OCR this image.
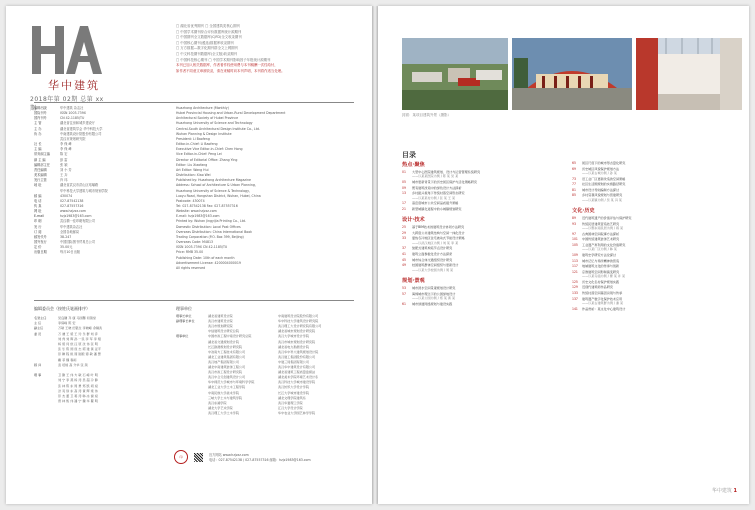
华中建筑
2018年第 02期 总第 xx期
□ 湖北省优秀期刊 □ 全国建筑类核心期刊
□ 中国学术期刊综合评价数据库统计源期刊
□ 中国期刊全文数据库(CJFD)全文收录期刊
□ 中国核心期刊(遴选)数据库收录期刊
□ 万方数据—数字化期刊群全文上网期刊
□ 中文科技期刊数据库(全文版)收录期刊
□ 中国科技核心期刊 □ 中国学术期刊影响因子年报统计源期刊
本刊已加入相关数据库，作者著作权使用费与本刊稿酬一次性给付，
如作者不同意文章被收录，请在来稿时向本刊声明，本刊将作适当处理。
编辑出版	华中建筑 杂志社
国际刊号	ISSN 1003-739X
国内刊号	CN 42-1185/TU
主 管	湖北省住房和城乡建设厅
主 办	湖北省建筑学会 华中科技大学
协 办	中南建筑设计院股份有限公司
武汉市规划研究院
社 长	李 保 峰
主 编	李 保 峰
常务副主编	陈 宏
副 主 编	彭 雷
编辑部主任	张 颖
责任编辑	刘 小 芳
美术编辑	王 卉
发行主管	肖 玮
地 址	湖北省武汉市洪山区珞喻路
华中科技大学建筑与城市规划学院
邮 编	430074
电 话	027-87542138
传 真	027-87557316
网 址	www.hzjzzz.com
E-mail	hzjz1983@163.com
印 刷	武汉精一佳印刷有限公司
发 行	华中建筑杂志社
订 阅	全国各地邮局
邮发代号	38-247
国外发行	中国国际图书贸易总公司
定 价	35.00元
出版日期	每月10日出版
Huazhong Architecture (Monthly)
Hubei Provincial Housing and Urban-Rural Development Department
Architectural Society of Hubei Province
Huazhong University of Science and Technology
Central-South Architectural Design Institute Co., Ltd.
Wuhan Planning & Design Institute
President: Li Baofeng
Editor-in-Chief: Li Baofeng
Executive Vice Editor-in-Chief: Chen Hong
Vice Editor-in-Chief: Peng Lei
Director of Editorial Office: Zhang Ying
Editor: Liu Xiaofang
Art Editor: Wang Hui
Distribution: Xiao Wei
Published by: Huazhong Architecture Magazine
Address: School of Architecture & Urban Planning,
Huazhong University of Science & Technology,
Luoyu Road, Hongshan District, Wuhan, Hubei, China
Postcode: 430074
Tel: 027-87542138 Fax: 027-87557316
Website: www.hzjzzz.com
E-mail: hzjz1983@163.com
Printed by: Wuhan Jingyijia Printing Co., Ltd.
Domestic Distribution: Local Post Offices
Overseas Distribution: China International Book
Trading Corporation (P.O. Box 399, Beijing)
Overseas Code: M4813
ISSN 1003-739X CN 42-1185/TU
Price: RMB 35.00
Publishing Date: 10th of each month
Advertisement License: 4200004000019
All rights reserved
编辑委员会（按姓氏笔画排序）
名誉主任	吴良镛 齐 康 马国馨 何镜堂
主 任	李保峰 陈 宏
副主任	万敏 王晓 田银生 李晓峰 余翰武
委 员	万 谦 王 毅 王 玲 乐 群 刘 奔
刘 剀 刘 晖 孙 一民 李 军 李 翔
杨 毅 何 依 汪 原 沈 伟 张 明
张 乐 陈 纲 庞 志 郭 建 黄 亚平
彭 翀 程 艳 谭 刚毅 谭 敏 潘 慧
戴 菲 魏 春雨
顾 问	袁 培煌 高 介华 张 颀
理 事	卫 勤 王 伟 方 敏 石 峰 叶 明
刘 宁 李 燕 杨 涛 吴 超 冷 静
张 林 陈 东 周 勇 郑 凯 胡 斌
洪 亮 徐 东 高 涛 黄 辉 梁 伟
彭 杰 董 卫 蒋 涛 韩 冰 谢 斌
曾 林 熊 伟 潘 宁 魏 华 瞿 明
理事单位
理事长单位	湖北省建筑设计院	中南建筑设计院股份有限公司
副理事长单位	武汉市建筑设计院	华中科技大学建筑设计研究院
武汉市规划研究院	武汉理工大设计研究院有限公司
中信建筑设计研究总院	湖北省城市规划设计研究院
理事单位	中国市政工程中南设计研究总院	武汉大学城市设计学院
湖北省交通规划设计院	武汉市城市规划设计研究院
长江勘测规划设计研究院	湖北省电力勘测设计院
中冶南方工程技术有限公司	武汉华中科大建筑规划设计院
湖北工业建筑集团有限公司	武汉建工集团股份有限公司
武汉地产集团有限公司	中建三局集团有限公司
湖北中南建筑装饰工程公司	武汉华中建筑设计有限公司
武汉市政工程设计研究院	湖北省建筑工程质量监督站
武汉中合元创建筑设计公司	湖北美术学院环境艺术设计系
华中师范大学城市与环境科学学院	武汉科技大学城市建设学院
湖北工业大学土木工程学院	武汉纺织大学设计学院
中南民族大学美术学院	长江大学城市建设学院
三峡大学土木与建筑学院	湖北文理学院建筑系
武汉东湖学院	武汉华夏理工学院
湖北大学艺术学院	江汉大学设计学院
武汉理工大学土木学院	华中农业大学园艺林学学院
印	官方网站 www.hzjzzz.com
电话：027-87542138 / 027-87557316 邮箱：hzjz1983@163.com
封面：某项目建筑外景（摄影）
目录
热点·聚焦
01	大型中心医院建筑规划、设计与运营管理系统研究
——以某某医院为例 / 陈 某 吴 某
05	城市更新背景下的历史街区保护与活化策略研究
09	既有建筑改造中的绿色设计方法探析
13	乡村振兴视角下传统村落空间形态研究
——以某某村为例 / 张 某 王 某
17	高密度城市公共空间品质提升策略
21	新型城镇化进程中的小城镇规划研究
设计·技术
25	基于BIM技术的建筑设计协同方法研究
29	大跨度公共建筑结构与空间一体化设计
33	夏热冬冷地区住宅被动式节能设计策略
——以武汉地区为例 / 刘 某 李 某
37	装配式建筑构造节点设计研究
41	建筑立面参数化设计方法探索
45	城市综合体交通组织设计研究
49	校园建筑群体空间组织与更新设计
——以某大学校园为例 / 周 某
规划·景观
53	城市滨水空间景观规划设计研究
57	海绵城市理念下的公园绿地设计
——以某公园为例 / 郑 某 黄 某
61	城市绿道网络规划与建设实践
65	街区尺度下的城市形态量化研究
69	历史城区风貌保护规划方法
——以某古城为例 / 孙 某
73	旧工业厂区更新改造的空间策略
77	社区生活圈规划的实施路径研究
81	城市设计导则编制方法探讨
85	乡村景观风貌规划与营建研究
——以某镇为例 / 吴 某 冯 某
文化·历史
89	近代建筑遗产的价值评估与保护研究
93	传统民居建筑营造技艺研究
——以鄂东南民居为例 / 蒋 某
97	古典园林空间叙事方法探析
101	中国传统建筑装饰艺术研究
105	工业遗产再利用的文化价值研究
——以某厂区为例 / 韩 某
109	建筑史学研究方法论探讨
113	城市记忆与场所精神的营造
117	地域建筑文化的传承与创新
121	宗教建筑空间形制演变研究
——以某寺庙为例 / 曹 某 许 某
125	历史文化名村保护规划实践
129	近现代建筑师作品研究
133	传统村落空间基因识别与传承
137	建筑遗产数字化保护技术应用
——以某古建筑群为例 / 谢 某
141	作品赏析：某文化中心建筑设计
华中建筑 1
